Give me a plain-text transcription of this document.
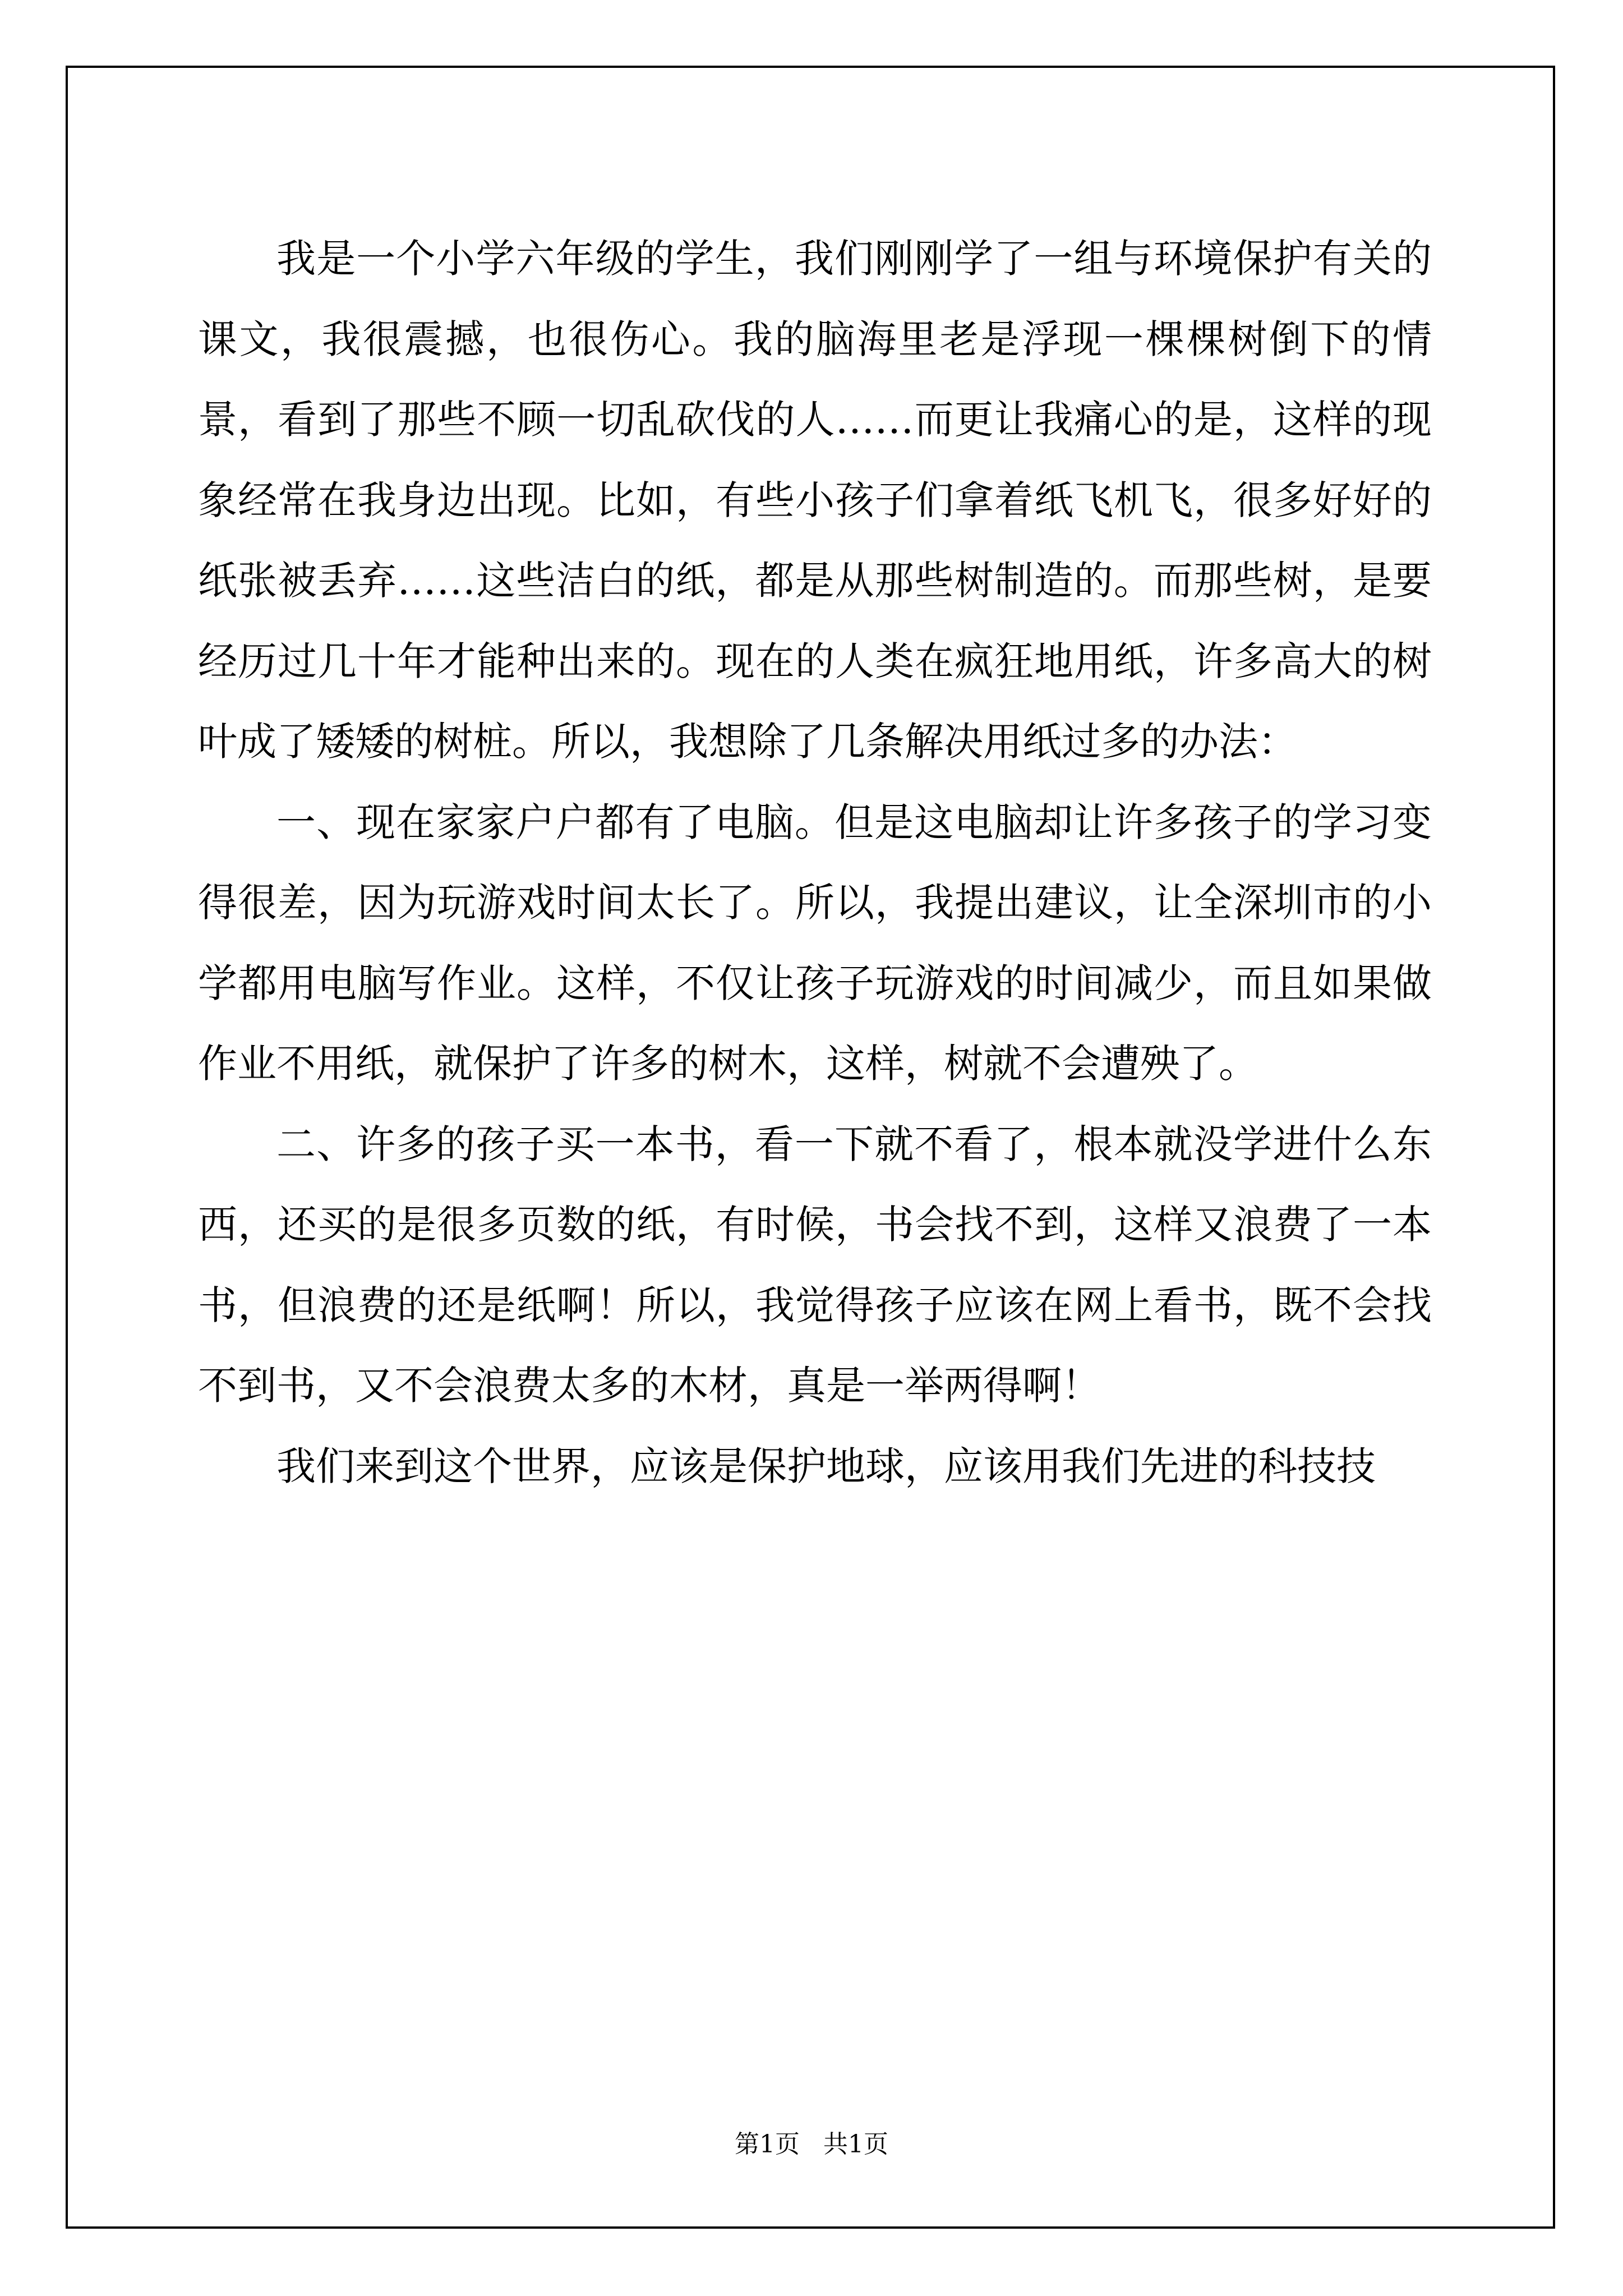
我是一个小学六年级的学生，我们刚刚学了一组与环境保护有关的课文，我很震撼，也很伤心。我的脑海里老是浮现一棵棵树倒下的情景，看到了那些不顾一切乱砍伐的人……而更让我痛心的是，这样的现象经常在我身边出现。比如，有些小孩子们拿着纸飞机飞，很多好好的纸张被丢弃……这些洁白的纸，都是从那些树制造的。而那些树，是要经历过几十年才能种出来的。现在的人类在疯狂地用纸，许多高大的树叶成了矮矮的树桩。所以，我想除了几条解决用纸过多的办法：

一、现在家家户户都有了电脑。但是这电脑却让许多孩子的学习变得很差，因为玩游戏时间太长了。所以，我提出建议，让全深圳市的小学都用电脑写作业。这样，不仅让孩子玩游戏的时间减少，而且如果做作业不用纸，就保护了许多的树木，这样，树就不会遭殃了。

二、许多的孩子买一本书，看一下就不看了，根本就没学进什么东西，还买的是很多页数的纸，有时候，书会找不到，这样又浪费了一本书，但浪费的还是纸啊！所以，我觉得孩子应该在网上看书，既不会找不到书，又不会浪费太多的木材，真是一举两得啊！

我们来到这个世界，应该是保护地球，应该用我们先进的科技技

第1页   共1页
